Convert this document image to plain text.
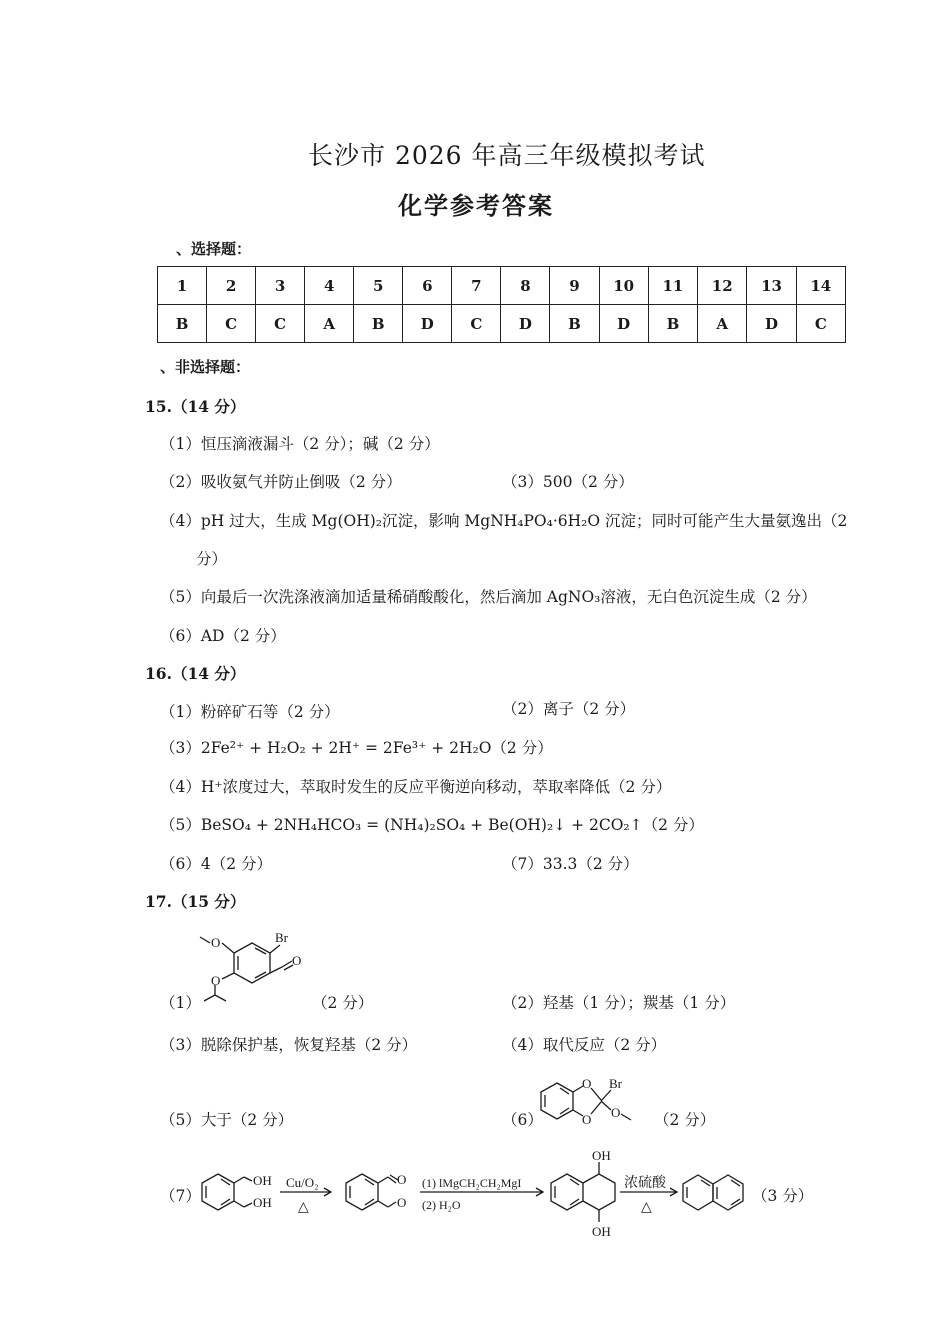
长沙市 2026 年高三年级模拟考试
化学参考答案
、选择题：
1	2	3	4	5	6	7	8	9	10	11	12	13	14
B	C	C	A	B	D	C	D	B	D	B	A	D	C
、非选择题：
15.（14 分）
（1）恒压滴液漏斗（2 分）；碱（2 分）
（2）吸收氨气并防止倒吸（2 分）	（3）500（2 分）
（4）pH 过大，生成 Mg(OH)₂沉淀，影响 MgNH₄PO₄·6H₂O 沉淀；同时可能产生大量氨逸出（2
分）
（5）向最后一次洗涤液滴加适量稀硝酸酸化，然后滴加 AgNO₃溶液，无白色沉淀生成（2 分）
（6）AD（2 分）
16.（14 分）
（1）粉碎矿石等（2 分）	（2）离子（2 分）
（3）2Fe²⁺ + H₂O₂ + 2H⁺ = 2Fe³⁺ + 2H₂O（2 分）
（4）H⁺浓度过大，萃取时发生的反应平衡逆向移动，萃取率降低（2 分）
（5）BeSO₄ + 2NH₄HCO₃ = (NH₄)₂SO₄ + Be(OH)₂↓ + 2CO₂↑（2 分）
（6）4（2 分）	（7）33.3（2 分）
17.（15 分）
Br
O
O
O
（1）	（2 分）	（2）羟基（1 分）；羰基（1 分）
（3）脱除保护基，恢复羟基（2 分）	（4）取代反应（2 分）
（5）大于（2 分）	（6）
O
O
Br
O （2 分）
（7）
OH
OH
Cu/O₂
△
O
O
(1) lMgCH₂CH₂MgI
(2) H₂O
OH
OH
浓硫酸
△
（3 分）
